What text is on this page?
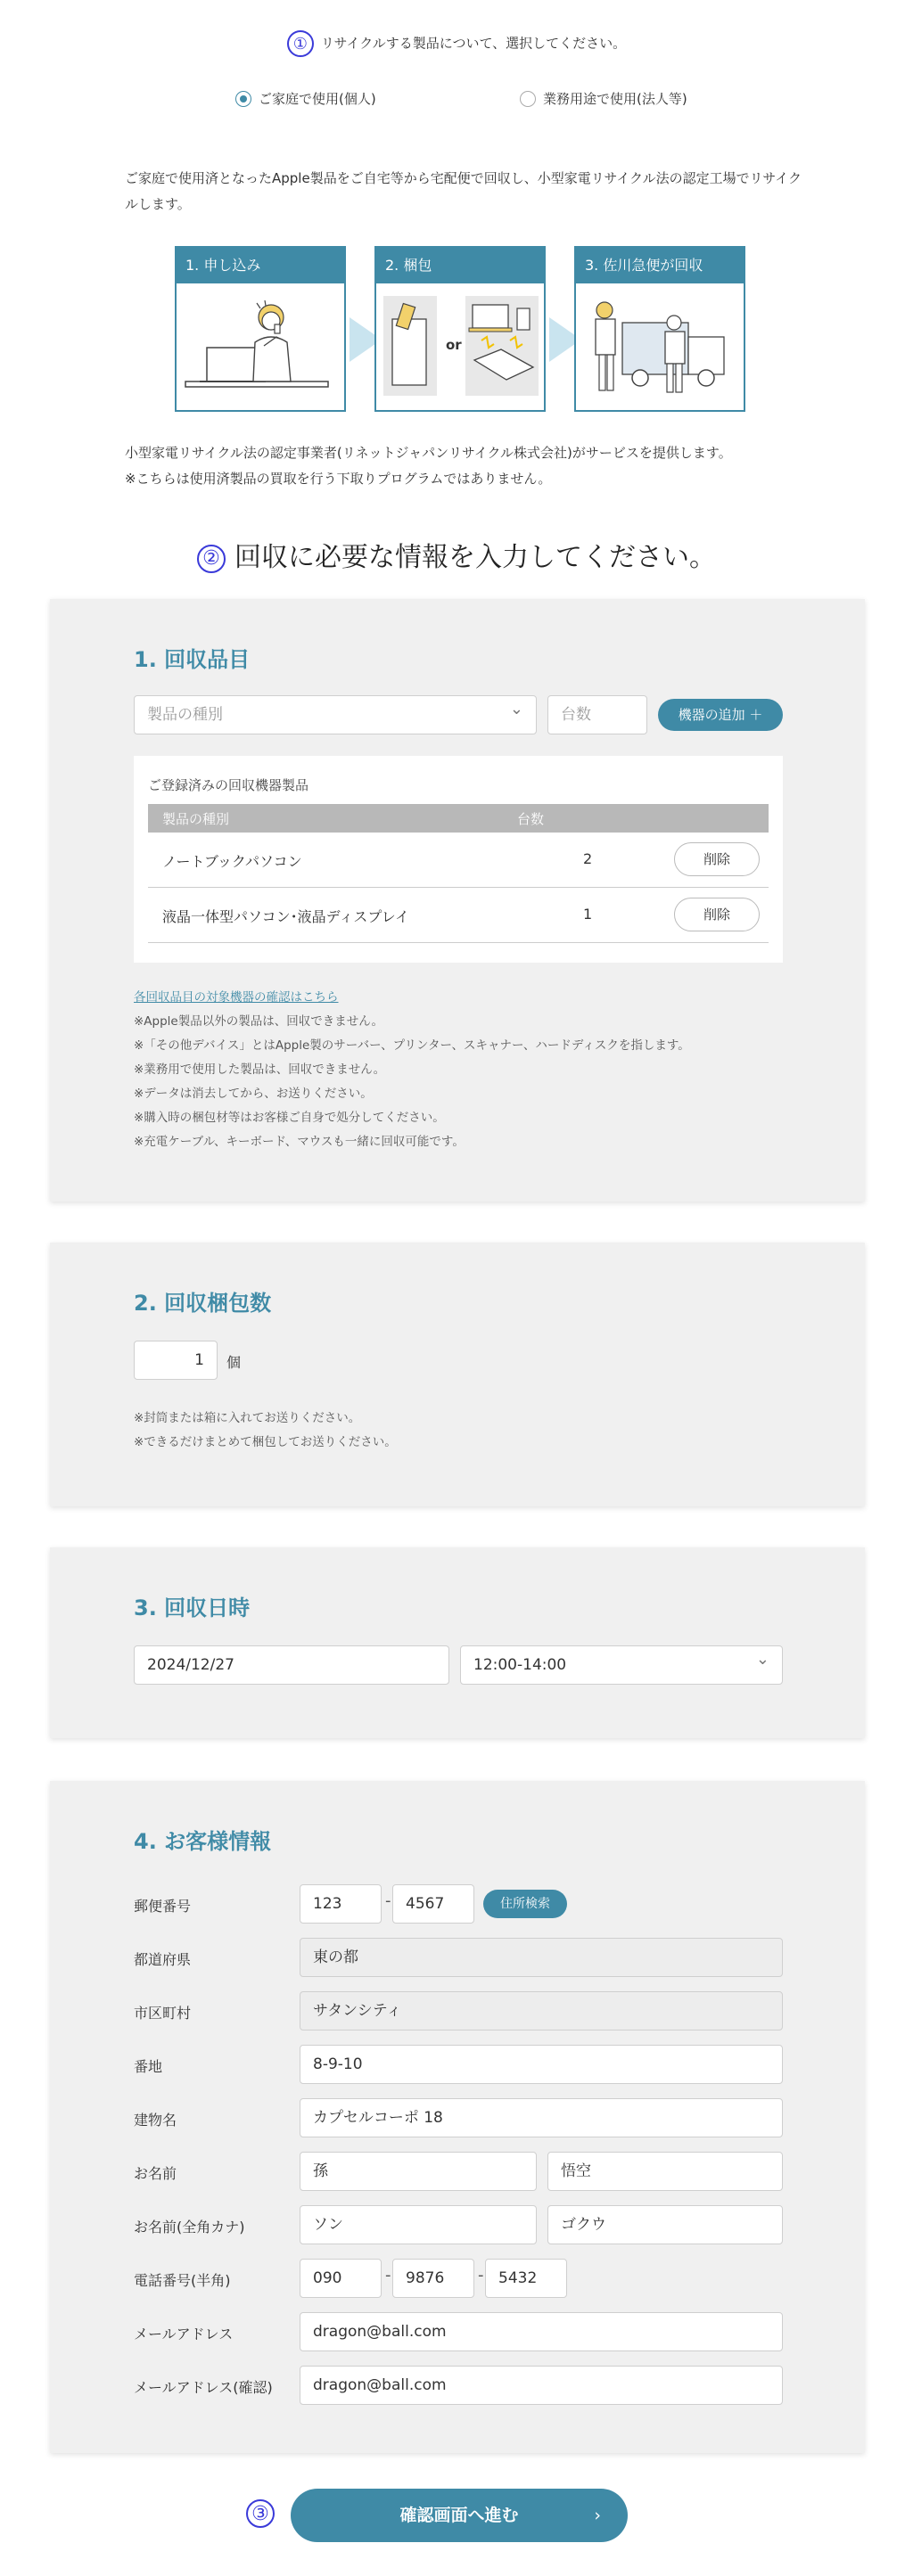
① リサイクルする製品について、選択してください。
ご家庭で使用(個人)	業務用途で使用(法人等)

ご家庭で使用済となったApple製品をご自宅等から宅配便で回収し、小型家電リサイクル法の認定工場でリサイクルします。

1. 申し込み	2. 梱包
or
3. 佐川急便が回収
小型家電リサイクル法の認定事業者(リネットジャパンリサイクル株式会社)がサービスを提供します。
※こちらは使用済製品の買取を行う下取りプログラムではありません。
② 回収に必要な情報を入力してください。
1. 回収品目
製品の種別 ⌄	台数	機器の追加 ＋
ご登録済みの回収機器製品
製品の種別	台数
ノートブックパソコン	2	削除
液晶一体型パソコン･液晶ディスプレイ	1	削除
各回収品目の対象機器の確認はこちら
※Apple製品以外の製品は、回収できません。
※「その他デバイス」とはApple製のサーバー、プリンター、スキャナー、ハードディスクを指します。
※業務用で使用した製品は、回収できません。
※データは消去してから、お送りください。
※購入時の梱包材等はお客様ご自身で処分してください。
※充電ケーブル、キーボード、マウスも一緒に回収可能です。
2. 回収梱包数
1	個
※封筒または箱に入れてお送りください。
※できるだけまとめて梱包してお送りください。
3. 回収日時
2024/12/27	12:00-14:00 ⌄
4. お客様情報
郵便番号	123	- 4567	住所検索
都道府県	東の都
市区町村	サタンシティ
番地	8-9-10
建物名	カプセルコーポ 18
お名前	孫	悟空
お名前(全角カナ)	ソン	ゴクウ
電話番号(半角)	090	- 9876	- 5432
メールアドレス	dragon@ball.com
メールアドレス(確認)	dragon@ball.com
③	確認画面へ進む	›
